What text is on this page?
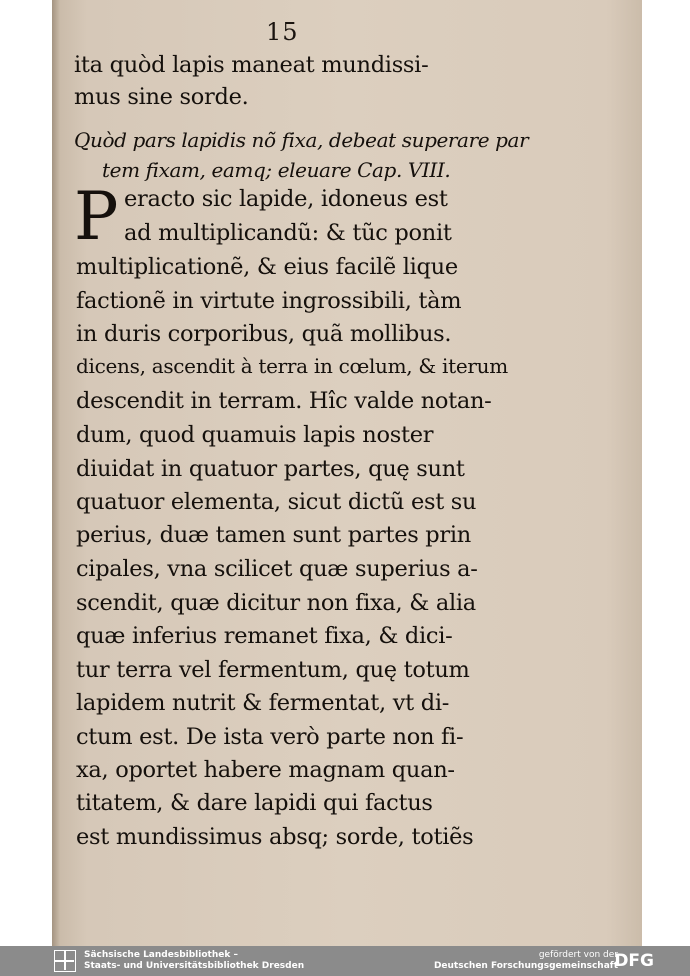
15
ita quòd lapis maneat mundissi-
mus sine sorde.
Quòd pars lapidis nõ fixa, debeat superare par
tem fixam, eamq; eleuare Cap. VIII.
P eracto sic lapide, idoneus est
ad multiplicandũ: & tũc ponit
multiplicationẽ, & eius facilẽ lique
factionẽ in virtute ingrossibili, tàm
in duris corporibus, quã mollibus.
dicens, ascendit à terra in cœlum, & iterum
descendit in terram. Hîc valde notan-
dum, quod quamuis lapis noster
diuidat in quatuor partes, quę sunt
quatuor elementa, sicut dictũ est su
perius, duæ tamen sunt partes prin
cipales, vna scilicet quæ superius a-
scendit, quæ dicitur non fixa, & alia
quæ inferius remanet fixa, & dici-
tur terra vel fermentum, quę totum
lapidem nutrit & fermentat, vt di-
ctum est. De ista verò parte non fi-
xa, oportet habere magnam quan-
titatem, & dare lapidi qui factus
est mundissimus absq; sorde, totiẽs
Sächsische Landesbibliothek –
Staats- und Universitätsbibliothek Dresden
gefördert von der
Deutschen Forschungsgemeinschaft
DFG
